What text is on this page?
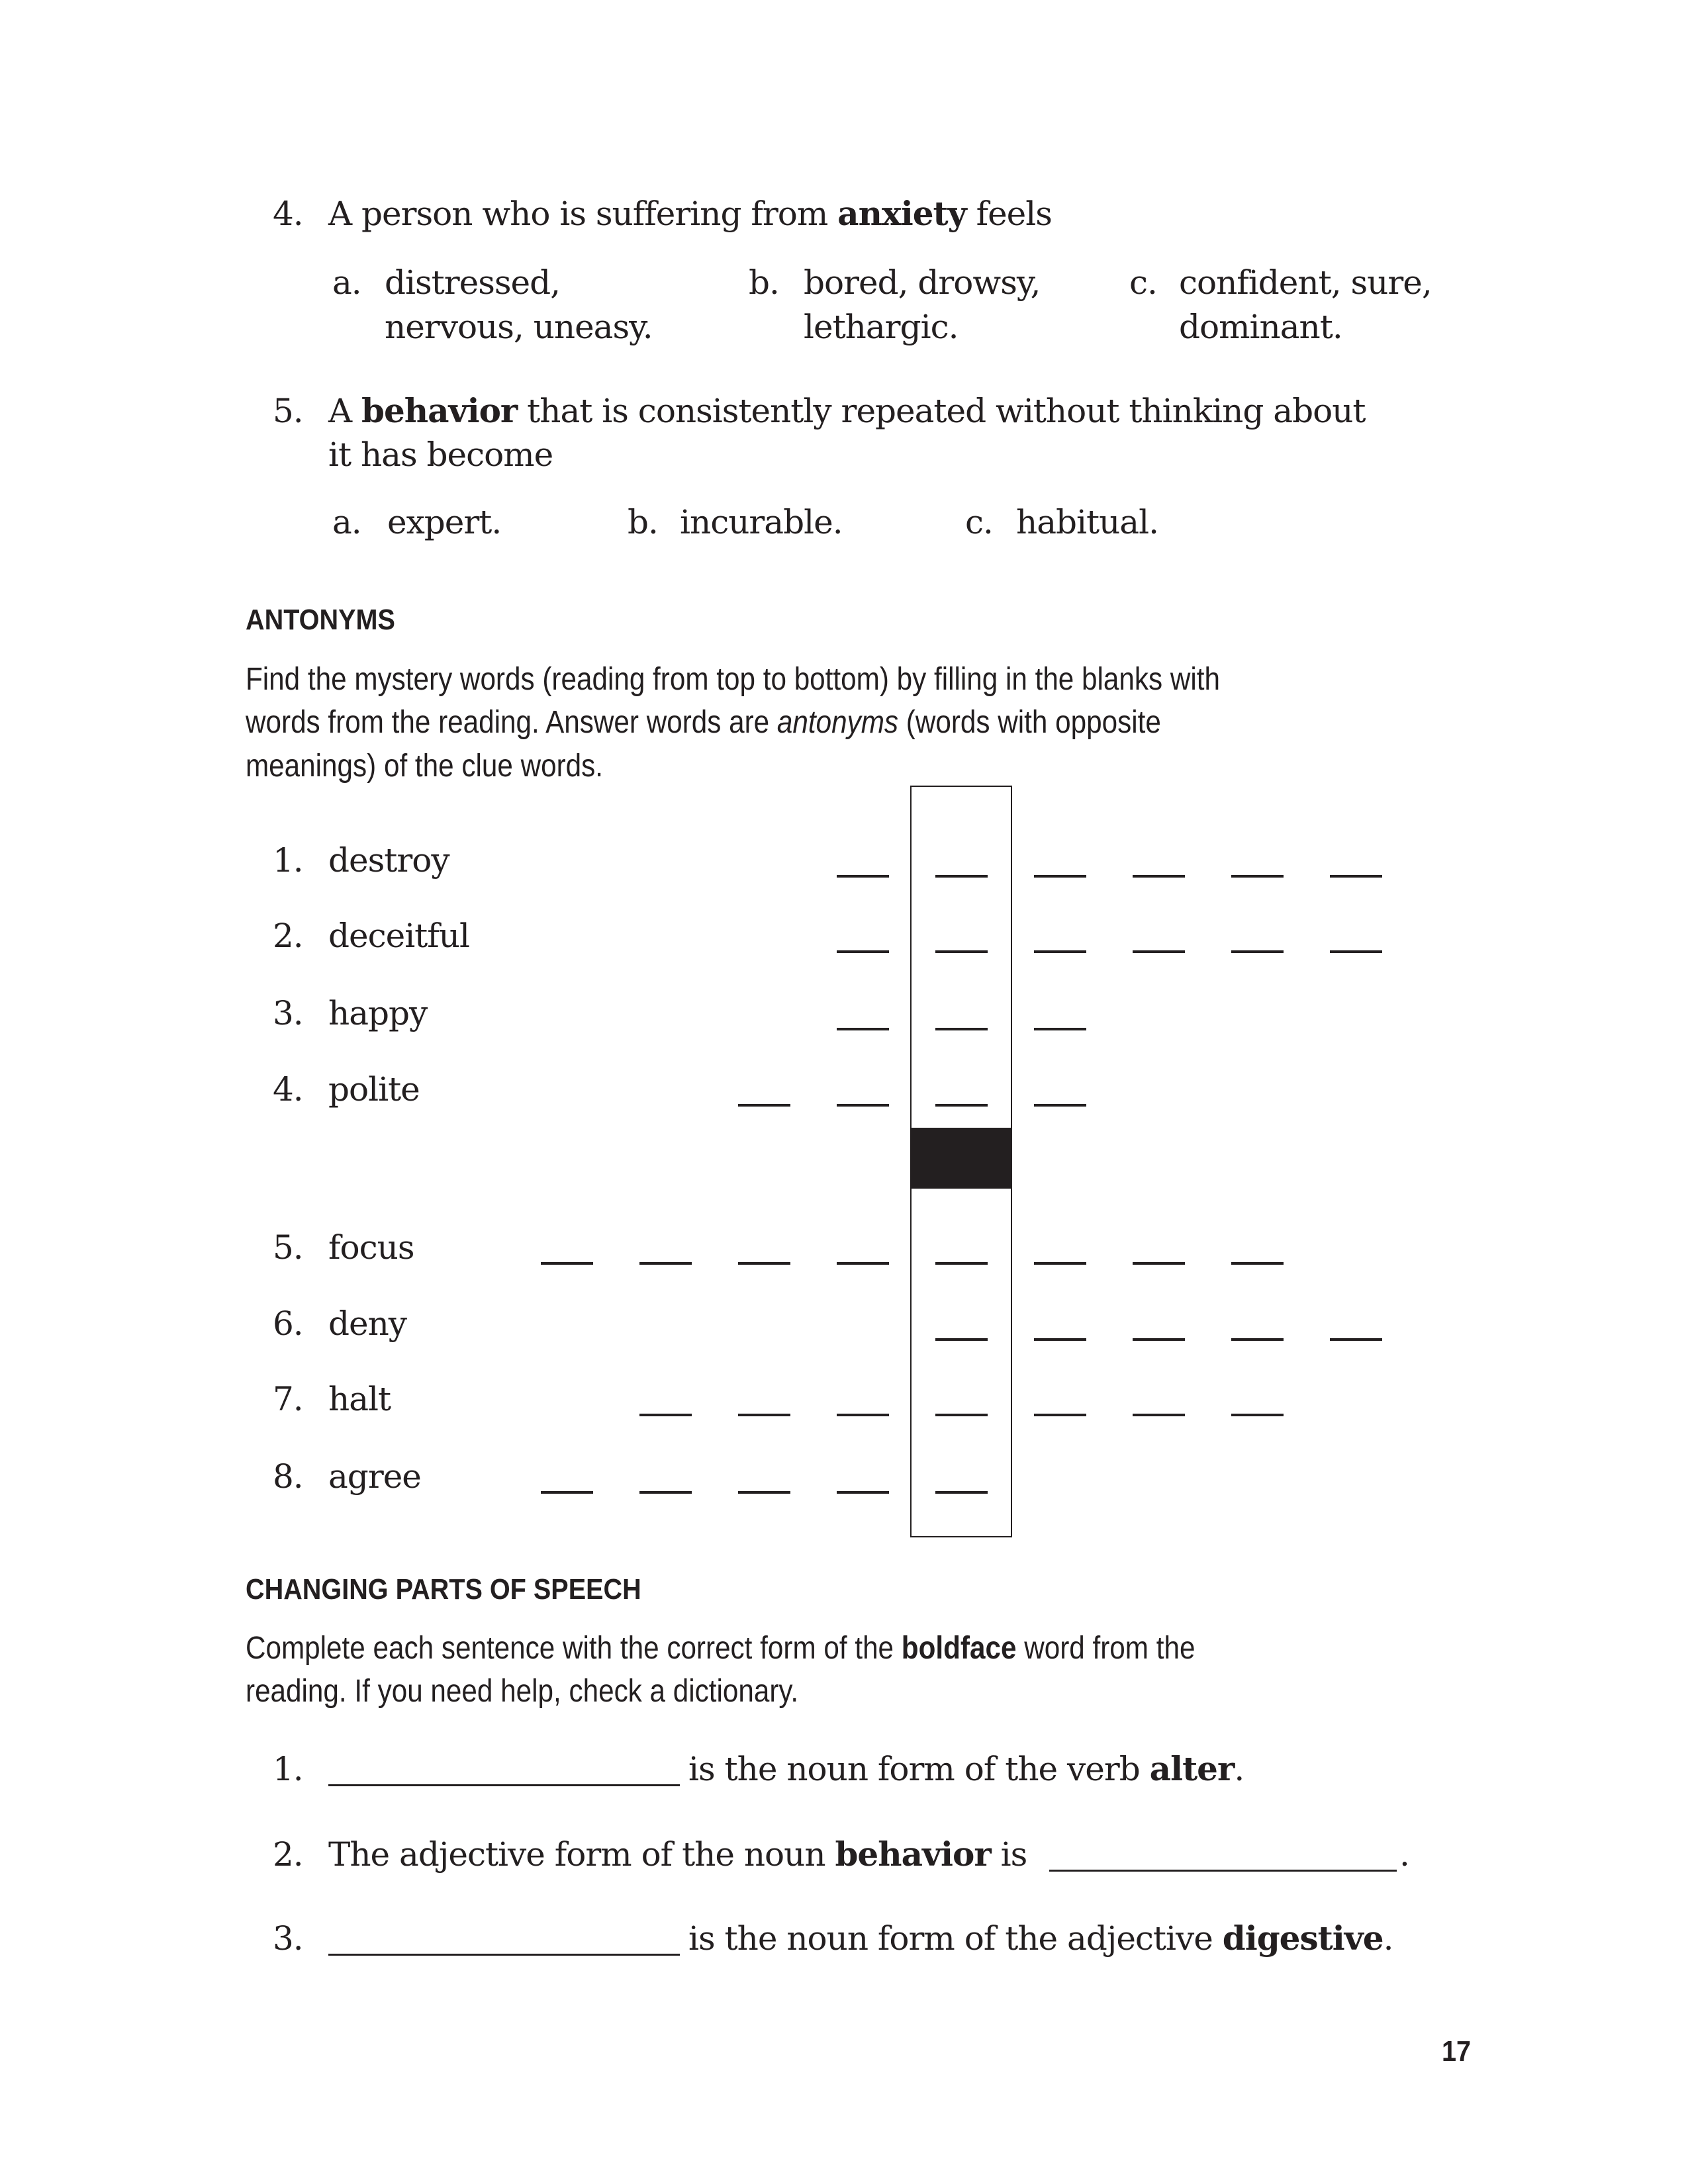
4. A person who is suffering from anxiety feels
a. distressed,
nervous, uneasy.
b. bored, drowsy,
lethargic.
c. confident, sure,
dominant.
5. A behavior that is consistently repeated without thinking about
it has become
a. expert.	b. incurable.	c. habitual.
ANTONYMS
Find the mystery words (reading from top to bottom) by filling in the blanks with
words from the reading. Answer words are antonyms (words with opposite
meanings) of the clue words.
1. destroy
2. deceitful
3. happy
4. polite
5. focus
6. deny
7. halt
8. agree
CHANGING PARTS OF SPEECH
Complete each sentence with the correct form of the boldface word from the
reading. If you need help, check a dictionary.
1.	is the noun form of the verb alter.
2. The adjective form of the noun behavior is	.
3.	is the noun form of the adjective digestive.
17
